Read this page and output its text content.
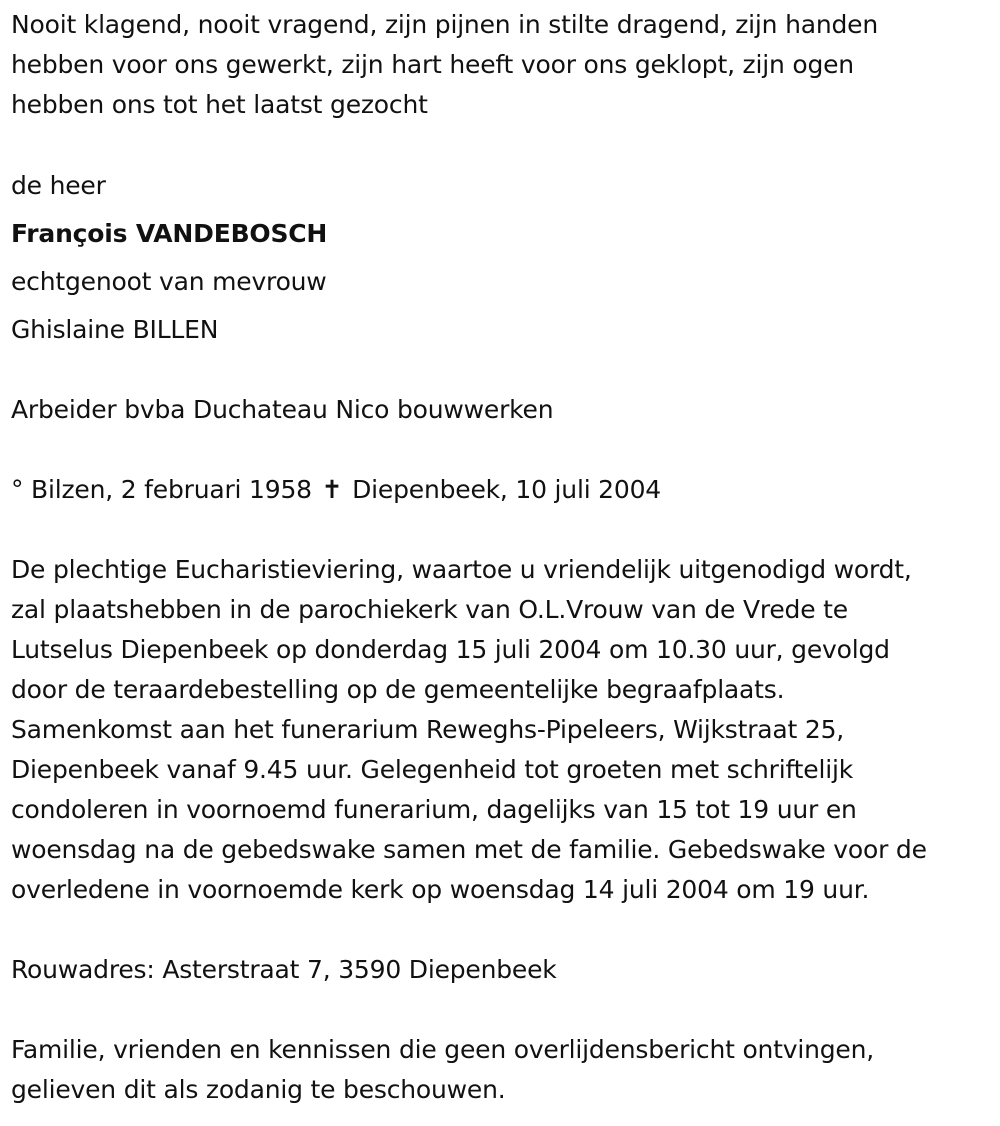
Nooit klagend, nooit vragend, zijn pijnen in stilte dragend, zijn handen
hebben voor ons gewerkt, zijn hart heeft voor ons geklopt, zijn ogen
hebben ons tot het laatst gezocht

de heer

François VANDEBOSCH

echtgenoot van mevrouw

Ghislaine BILLEN

Arbeider bvba Duchateau Nico bouwwerken

° Bilzen, 2 februari 1958 ✝ Diepenbeek, 10 juli 2004

De plechtige Eucharistieviering, waartoe u vriendelijk uitgenodigd wordt,
zal plaatshebben in de parochiekerk van O.L.Vrouw van de Vrede te
Lutselus Diepenbeek op donderdag 15 juli 2004 om 10.30 uur, gevolgd
door de teraardebestelling op de gemeentelijke begraafplaats.
Samenkomst aan het funerarium Reweghs-Pipeleers, Wijkstraat 25,
Diepenbeek vanaf 9.45 uur. Gelegenheid tot groeten met schriftelijk
condoleren in voornoemd funerarium, dagelijks van 15 tot 19 uur en
woensdag na de gebedswake samen met de familie. Gebedswake voor de
overledene in voornoemde kerk op woensdag 14 juli 2004 om 19 uur.

Rouwadres: Asterstraat 7, 3590 Diepenbeek

Familie, vrienden en kennissen die geen overlijdensbericht ontvingen,
gelieven dit als zodanig te beschouwen.
